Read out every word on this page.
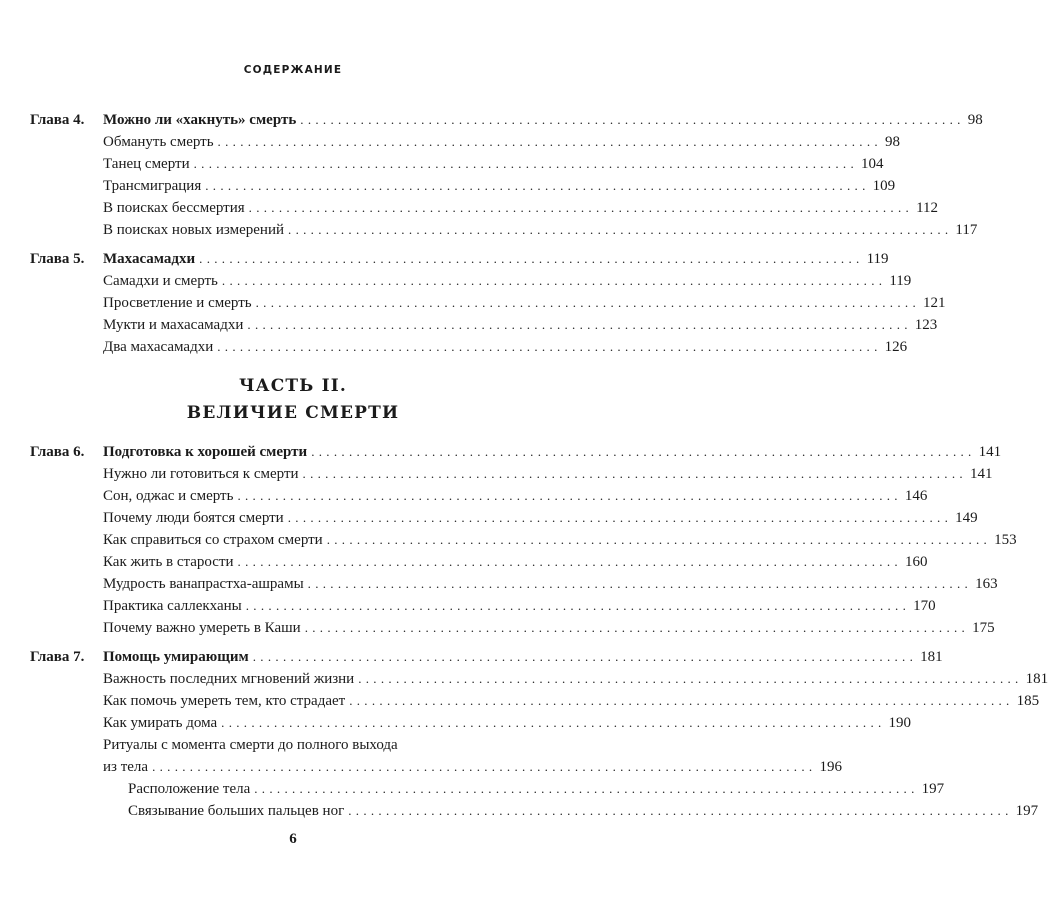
СОДЕРЖАНИЕ
Глава 4. Можно ли «хакнуть» смерть ........................................................................................ 98
Обмануть смерть ........................................................................................ 98
Танец смерти ........................................................................................ 104
Трансмиграция ........................................................................................ 109
В поисках бессмертия ........................................................................................ 112
В поисках новых измерений ........................................................................................ 117
Глава 5. Махасамадхи ........................................................................................ 119
Самадхи и смерть ........................................................................................ 119
Просветление и смерть ........................................................................................ 121
Мукти и махасамадхи ........................................................................................ 123
Два махасамадхи ........................................................................................ 126
ЧАСТЬ II.
ВЕЛИЧИЕ СМЕРТИ
Глава 6. Подготовка к хорошей смерти ........................................................................................ 141
Нужно ли готовиться к смерти ........................................................................................ 141
Сон, оджас и смерть ........................................................................................ 146
Почему люди боятся смерти ........................................................................................ 149
Как справиться со страхом смерти ........................................................................................ 153
Как жить в старости ........................................................................................ 160
Мудрость ванапрастха-ашрамы ........................................................................................ 163
Практика саллекханы ........................................................................................ 170
Почему важно умереть в Каши ........................................................................................ 175
Глава 7. Помощь умирающим ........................................................................................ 181
Важность последних мгновений жизни ........................................................................................ 181
Как помочь умереть тем, кто страдает ........................................................................................ 185
Как умирать дома ........................................................................................ 190
Ритуалы с момента смерти до полного выхода
из тела ........................................................................................ 196
Расположение тела ........................................................................................ 197
Связывание больших пальцев ног ........................................................................................ 197
6
